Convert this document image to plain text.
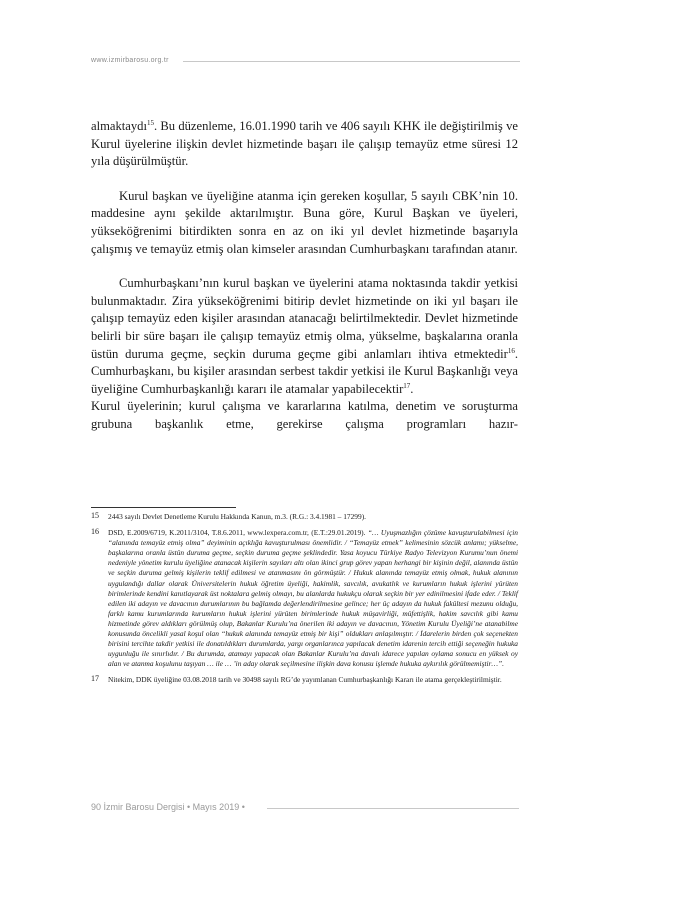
www.izmirbarosu.org.tr

almaktaydı$^{15}$. Bu düzenleme, 16.01.1990 tarih ve 406 sayılı KHK ile değiştirilmiş ve Kurul üyelerine ilişkin devlet hizmetinde başarı ile çalışıp temayüz etme süresi 12 yıla düşürülmüştür.

Kurul başkan ve üyeliğine atanma için gereken koşullar, 5 sayılı CBK’nin 10. maddesine aynı şekilde aktarılmıştır. Buna göre, Kurul Başkan ve üyeleri, yükseköğrenimi bitirdikten sonra en az on iki yıl devlet hizmetinde başarıyla çalışmış ve temayüz etmiş olan kimseler arasından Cumhurbaşkanı tarafından atanır.

Cumhurbaşkanı’nın kurul başkan ve üyelerini atama noktasında takdir yetkisi bulunmaktadır. Zira yükseköğrenimi bitirip devlet hizmetinde on iki yıl başarı ile çalışıp temayüz eden kişiler arasından atanacağı belirtilmektedir. Devlet hizmetinde belirli bir süre başarı ile çalışıp temayüz etmiş olma, yükselme, başkalarına oranla üstün duruma geçme, seçkin duruma geçme gibi anlamları ihtiva etmektedir$^{16}$. Cumhurbaşkanı, bu kişiler arasından serbest takdir yetkisi ile Kurul Başkanlığı veya üyeliğine Cumhurbaşkanlığı kararı ile atamalar yapabilecektir$^{17}$.

Kurul üyelerinin; kurul çalışma ve kararlarına katılma, denetim ve soruşturma grubuna başkanlık etme, gerekirse çalışma programları hazır-

15 2443 sayılı Devlet Denetleme Kurulu Hakkında Kanun, m.3. (R.G.: 3.4.1981 – 17299).
16 DSD, E.2009/6719, K.2011/3104, T.8.6.2011, www.lexpera.com.tr, (E.T.:29.01.2019). “… Uyuşmazlığın çözüme kavuşturulabilmesi için “alanında temayüz etmiş olma” deyiminin açıklığa kavuşturulması önemlidir. / “Temayüz etmek” kelimesinin sözcük anlamı; yükselme, başkalarına oranla üstün duruma geçme, seçkin duruma geçme şeklindedir. Yasa koyucu Türkiye Radyo Televizyon Kurumu’nun önemi nedeniyle yönetim kurulu üyeliğine atanacak kişilerin sayıları altı olan ikinci grup görev yapan herhangi bir kişinin değil, alanında üstün ve seçkin duruma gelmiş kişilerin teklif edilmesi ve atanmasını ön görmüştür. / Hukuk alanında temayüz etmiş olmak, hukuk alanının uygulandığı dallar olarak Üniversitelerin hukuk öğretim üyeliği, hakimlik, savcılık, avukatlık ve kurumların hukuk işlerini yürüten birimlerinde kendini kanıtlayarak üst noktalara gelmiş olmayı, bu alanlarda hukukçu olarak seçkin bir yer edinilmesini ifade eder. / Teklif edilen iki adayın ve davacının durumlarının bu bağlamda değerlendirilmesine gelince; her üç adayın da hukuk fakültesi mezunu olduğu, farklı kamu kurumlarında kurumların hukuk işlerini yürüten birimlerinde hukuk müşavirliği, müfettişlik, hakim savcılık gibi kamu hizmetinde görev aldıkları görülmüş olup, Bakanlar Kurulu’na önerilen iki adayın ve davacının, Yönetim Kurulu Üyeliği’ne atanabilme konusunda öncelikli yasal koşul olan “hukuk alanında temayüz etmiş bir kişi” oldukları anlaşılmıştır. / İdarelerin birden çok seçenekten birisini tercihte takdir yetkisi ile donatıldıkları durumlarda, yargı organlarınca yapılacak denetim idarenin tercih ettiği seçeneğin hukuka uygunluğu ile sınırlıdır. / Bu durumda, atamayı yapacak olan Bakanlar Kurulu’na davalı idarece yapılan oylama sonucu en yüksek oy alan ve atanma koşulunu taşıyan … ile … ’in aday olarak seçilmesine ilişkin dava konusu işlemde hukuka aykırılık görülmemiştir…”.
17 Nitekim, DDK üyeliğine 03.08.2018 tarih ve 30498 sayılı RG’de yayımlanan Cumhurbaşkanlığı Kararı ile atama gerçekleştirilmiştir.
90 İzmir Barosu Dergisi • Mayıs 2019 •
